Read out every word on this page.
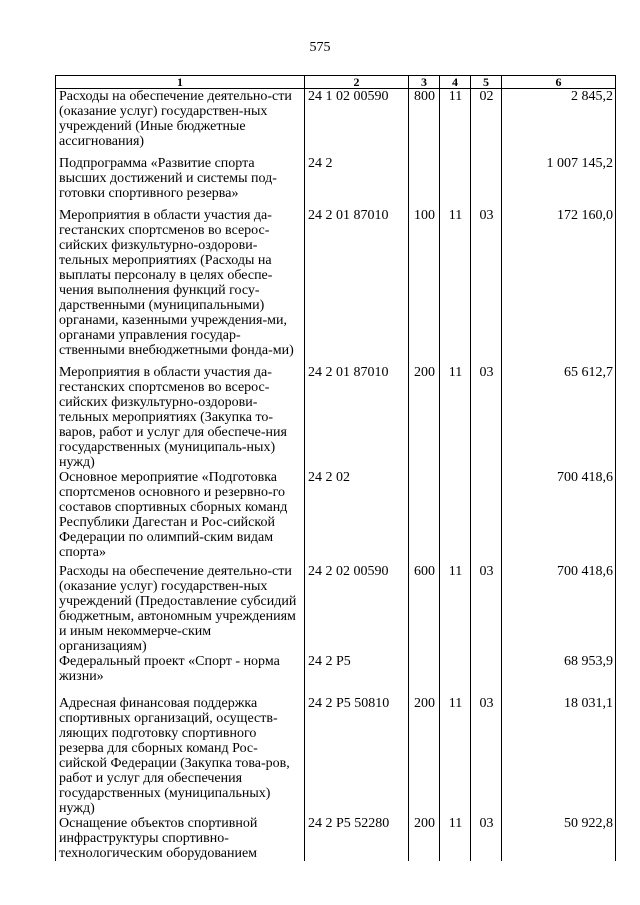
575
1	2	3	4	5	6
Расходы на обеспечение деятельно-сти (оказание услуг) государствен-ных учреждений (Иные бюджетные ассигнования)	24 1 02 00590	800	11	02	2 845,2
Подпрограмма «Развитие спорта высших достижений и системы под-готовки спортивного резерва»	24 2				1 007 145,2
Мероприятия в области участия да-гестанских спортсменов во всерос-сийских физкультурно-оздорови-тельных мероприятиях (Расходы на выплаты персоналу в целях обеспе-чения выполнения функций госу-дарственными (муниципальными) органами, казенными учреждения-ми, органами управления государ-ственными внебюджетными фонда-ми)	24 2 01 87010	100	11	03	172 160,0
Мероприятия в области участия да-гестанских спортсменов во всерос-сийских физкультурно-оздорови-тельных мероприятиях (Закупка то-варов, работ и услуг для обеспече-ния государственных (муниципаль-ных) нужд)	24 2 01 87010	200	11	03	65 612,7
Основное мероприятие «Подготовка спортсменов основного и резервно-го составов спортивных сборных команд Республики Дагестан и Рос-сийской Федерации по олимпий-ским видам спорта»	24 2 02				700 418,6
Расходы на обеспечение деятельно-сти (оказание услуг) государствен-ных учреждений (Предоставление субсидий бюджетным, автономным учреждениям и иным некоммерче-ским организациям)	24 2 02 00590	600	11	03	700 418,6
Федеральный проект «Спорт - норма жизни»	24 2 P5				68 953,9
Адресная финансовая поддержка спортивных организаций, осуществ-ляющих подготовку спортивного резерва для сборных команд Рос-сийской Федерации (Закупка това-ров, работ и услуг для обеспечения государственных (муниципальных) нужд)	24 2 P5 50810	200	11	03	18 031,1
Оснащение объектов спортивной инфраструктуры спортивно-технологическим оборудованием	24 2 P5 52280	200	11	03	50 922,8
